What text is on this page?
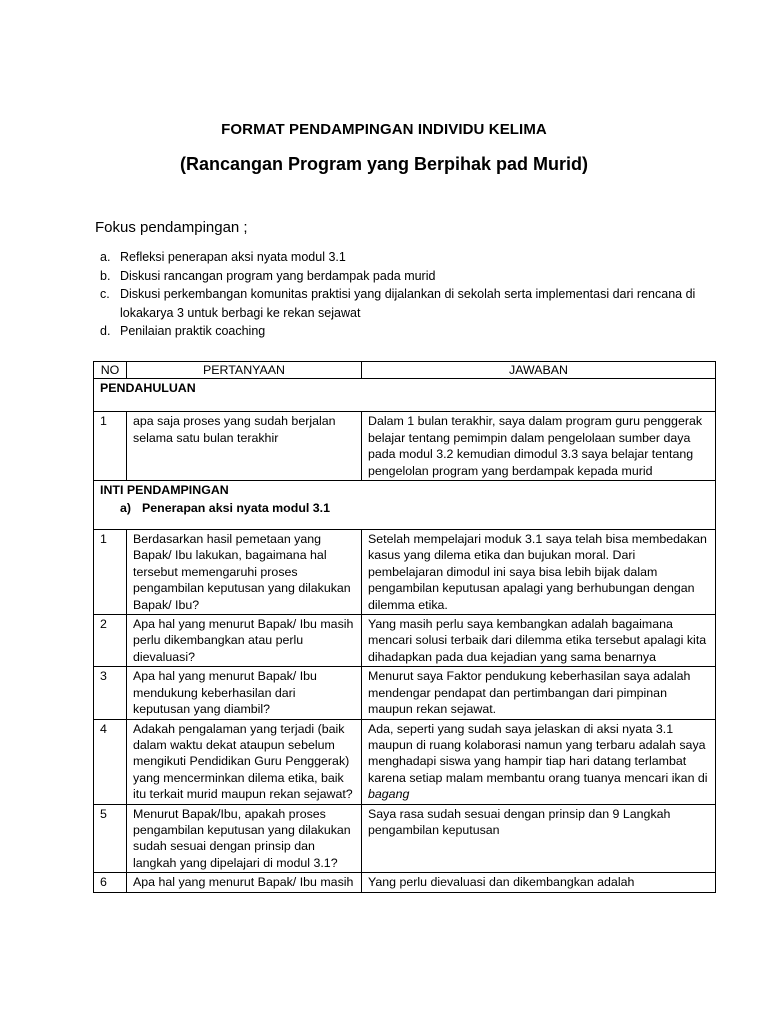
FORMAT PENDAMPINGAN INDIVIDU KELIMA
(Rancangan Program yang Berpihak pad Murid)
Fokus pendampingan ;
a. Refleksi penerapan aksi nyata modul 3.1
b. Diskusi rancangan program yang berdampak pada murid
c. Diskusi perkembangan komunitas praktisi yang dijalankan di sekolah serta implementasi dari rencana di lokakarya 3 untuk berbagi ke rekan sejawat
d. Penilaian praktik coaching
NO	PERTANYAAN	JAWABAN
PENDAHULUAN		
1	apa saja proses yang sudah berjalan selama satu bulan terakhir	Dalam 1 bulan terakhir, saya dalam program guru penggerak belajar tentang pemimpin dalam pengelolaan sumber daya pada modul 3.2 kemudian dimodul 3.3 saya belajar tentang pengelolan program yang berdampak kepada murid
INTI PENDAMPINGAN
a) Penerapan aksi nyata modul 3.1		

1	Berdasarkan hasil pemetaan yang Bapak/ Ibu lakukan, bagaimana hal tersebut memengaruhi proses pengambilan keputusan yang dilakukan Bapak/ Ibu?	Setelah mempelajari moduk 3.1 saya telah bisa membedakan kasus yang dilema etika dan bujukan moral. Dari pembelajaran dimodul ini saya bisa lebih bijak dalam pengambilan keputusan apalagi yang berhubungan dengan dilemma etika.
2	Apa hal yang menurut Bapak/ Ibu masih perlu dikembangkan atau perlu dievaluasi?	Yang masih perlu saya kembangkan adalah bagaimana mencari solusi terbaik dari dilemma etika tersebut apalagi kita dihadapkan pada dua kejadian yang sama benarnya
3	Apa hal yang menurut Bapak/ Ibu mendukung keberhasilan dari keputusan yang diambil?	Menurut saya Faktor pendukung keberhasilan saya adalah mendengar pendapat dan pertimbangan dari pimpinan maupun rekan sejawat.
4	Adakah pengalaman yang terjadi (baik dalam waktu dekat ataupun sebelum mengikuti Pendidikan Guru Penggerak) yang mencerminkan dilema etika, baik itu terkait murid maupun rekan sejawat?	Ada, seperti yang sudah saya jelaskan di aksi nyata 3.1 maupun di ruang kolaborasi namun yang terbaru adalah saya menghadapi siswa yang hampir tiap hari datang terlambat karena setiap malam membantu orang tuanya mencari ikan di bagang
5	Menurut Bapak/Ibu, apakah proses pengambilan keputusan yang dilakukan sudah sesuai dengan prinsip dan langkah yang dipelajari di modul 3.1?	Saya rasa sudah sesuai dengan prinsip dan 9 Langkah pengambilan keputusan
6	Apa hal yang menurut Bapak/ Ibu masih	Yang perlu dievaluasi dan dikembangkan adalah
